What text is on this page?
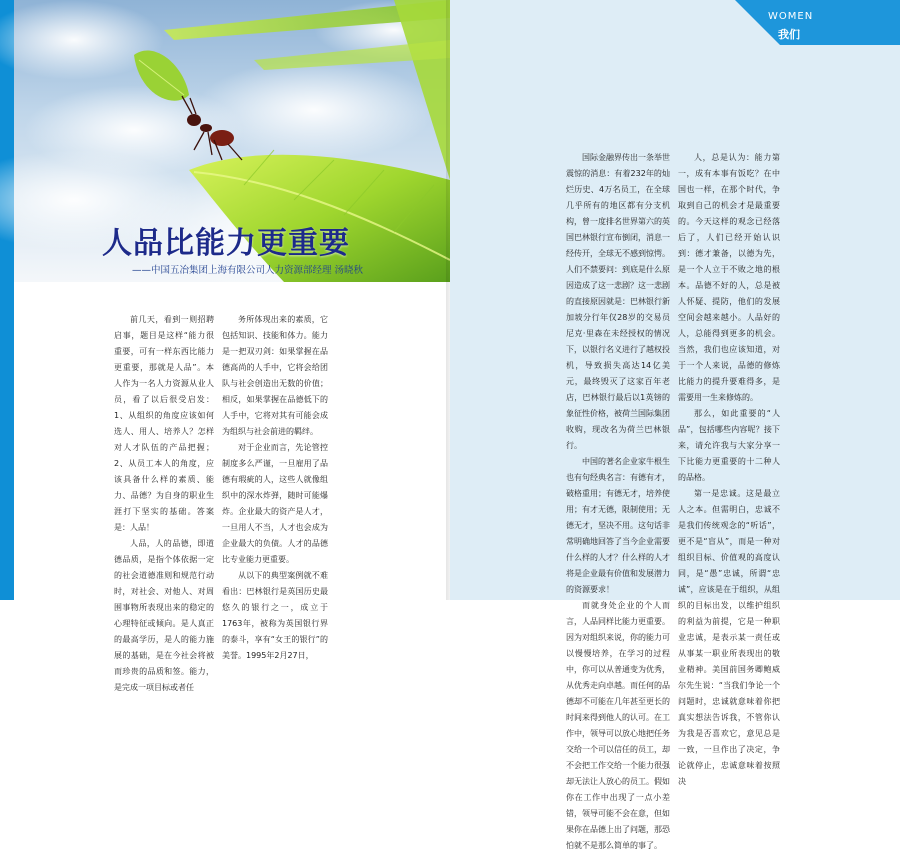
人品比能力更重要

——中国五冶集团上海有限公司人力资源部经理 汤晓秋

前几天，看到一则招聘启事，题目是这样“能力很重要，可有一样东西比能力更重要，那就是人品”。本人作为一名人力资源从业人员，看了以后很受启发：1、从组织的角度应该如何选人、用人、培养人？怎样对人才队伍的产品把握；2、从员工本人的角度，应该具备什么样的素质、能力、品德？为自身的职业生涯打下坚实的基础。答案是：人品！

人品，人的品德，即道德品质，是指个体依据一定的社会道德准则和规范行动时，对社会、对他人、对周围事物所表现出来的稳定的心理特征或倾向。是人真正的最高学历，是人的能力施展的基础，是在今社会将被而珍贵的品质和签。能力，是完成一项目标或者任

务所体现出来的素质，它包括知识、技能和体力。能力是一把双刃剑：如果掌握在品德高尚的人手中，它将会给团队与社会创造出无数的价值；相反，如果掌握在品德低下的人手中，它将对其有可能会成为组织与社会前进的羁绊。

对于企业而言，先论管控制度多么严谨，一旦雇用了品德有瑕疵的人，这些人就像组织中的深水炸弹，随时可能爆炸。企业最大的资产是人才，一旦用人不当，人才也会成为企业最大的负债。人才的品德比专业能力更重要。

从以下的典型案例就不难看出：巴林银行是英国历史最悠久的银行之一，成立于1763年，被称为英国银行界的泰斗，享有“女王的银行”的美誉。1995年2月27日，

WOMEN
我们

国际金融界传出一条举世震惊的消息：有着232年的灿烂历史、4万名员工，在全球几乎所有的地区都有分支机构，曾一度排名世界第六的英国巴林银行宣布倒闭，消息一经传开，全球无不感到惊愕。人们不禁要问：到底是什么原因造成了这一悲剧？这一悲剧的直接原因就是：巴林银行新加坡分行年仅28岁的交易员尼克·里森在未经授权的情况下，以银行名义进行了越权投机，导致损失高达14亿美元，最终毁灭了这家百年老店，巴林银行最后以1英镑的象征性价格，被荷兰国际集团收购，现改名为荷兰巴林银行。

中国的著名企业家牛根生也有句经典名言：有德有才，破格重用；有德无才，培养使用；有才无德，限制使用；无德无才，坚决不用。这句话非常明确地回答了当今企业需要什么样的人才？什么样的人才将是企业最有价值和发展潜力的资源要求！

而就身处企业的个人而言，人品同样比能力更重要。因为对组织来说，你的能力可以慢慢培养，在学习的过程中，你可以从普通变为优秀，从优秀走向卓越。而任何的品德却不可能在几年甚至更长的时间来得到他人的认可。在工作中，领导可以放心地把任务交给一个可以信任的员工，却不会把工作交给一个能力很强却无法让人放心的员工。假如你在工作中出现了一点小差错，领导可能不会在意，但如果你在品德上出了问题，那恐怕就不是那么简单的事了。

人，总是认为：能力第一，成有本事有饭吃？在中国也一样，在那个时代，争取到自己的机会才是最重要的。今天这样的观念已经落后了，人们已经开始认识到：德才兼备，以德为先，是一个人立于不败之地的根本。品德不好的人，总是被人怀疑、提防，他们的发展空间会越来越小。人品好的人，总能得到更多的机会。当然，我们也应该知道，对于一个人来说，品德的修炼比能力的提升要难得多，是需要用一生来修炼的。

那么，如此重要的“人品”，包括哪些内容呢？接下来，请允许我与大家分享一下比能力更重要的十二种人的品格。

第一是忠诚。这是最立人之本。但需明白，忠诚不是我们传统观念的“听话”，更不是“盲从”，而是一种对组织目标、价值观的高度认同，是“愚”忠诚，所谓“忠诚”，应该是在于组织，从组织的目标出发，以维护组织的利益为前提，它是一种职业忠诚，是表示某一责任或从事某一职业所表现出的敬业精神。美国前国务卿鲍威尔先生说：“当我们争论一个问题时，忠诚就意味着你把真实想法告诉我，不管你认为我是否喜欢它，意见总是一致，一旦作出了决定，争论就停止，忠诚意味着按照决
